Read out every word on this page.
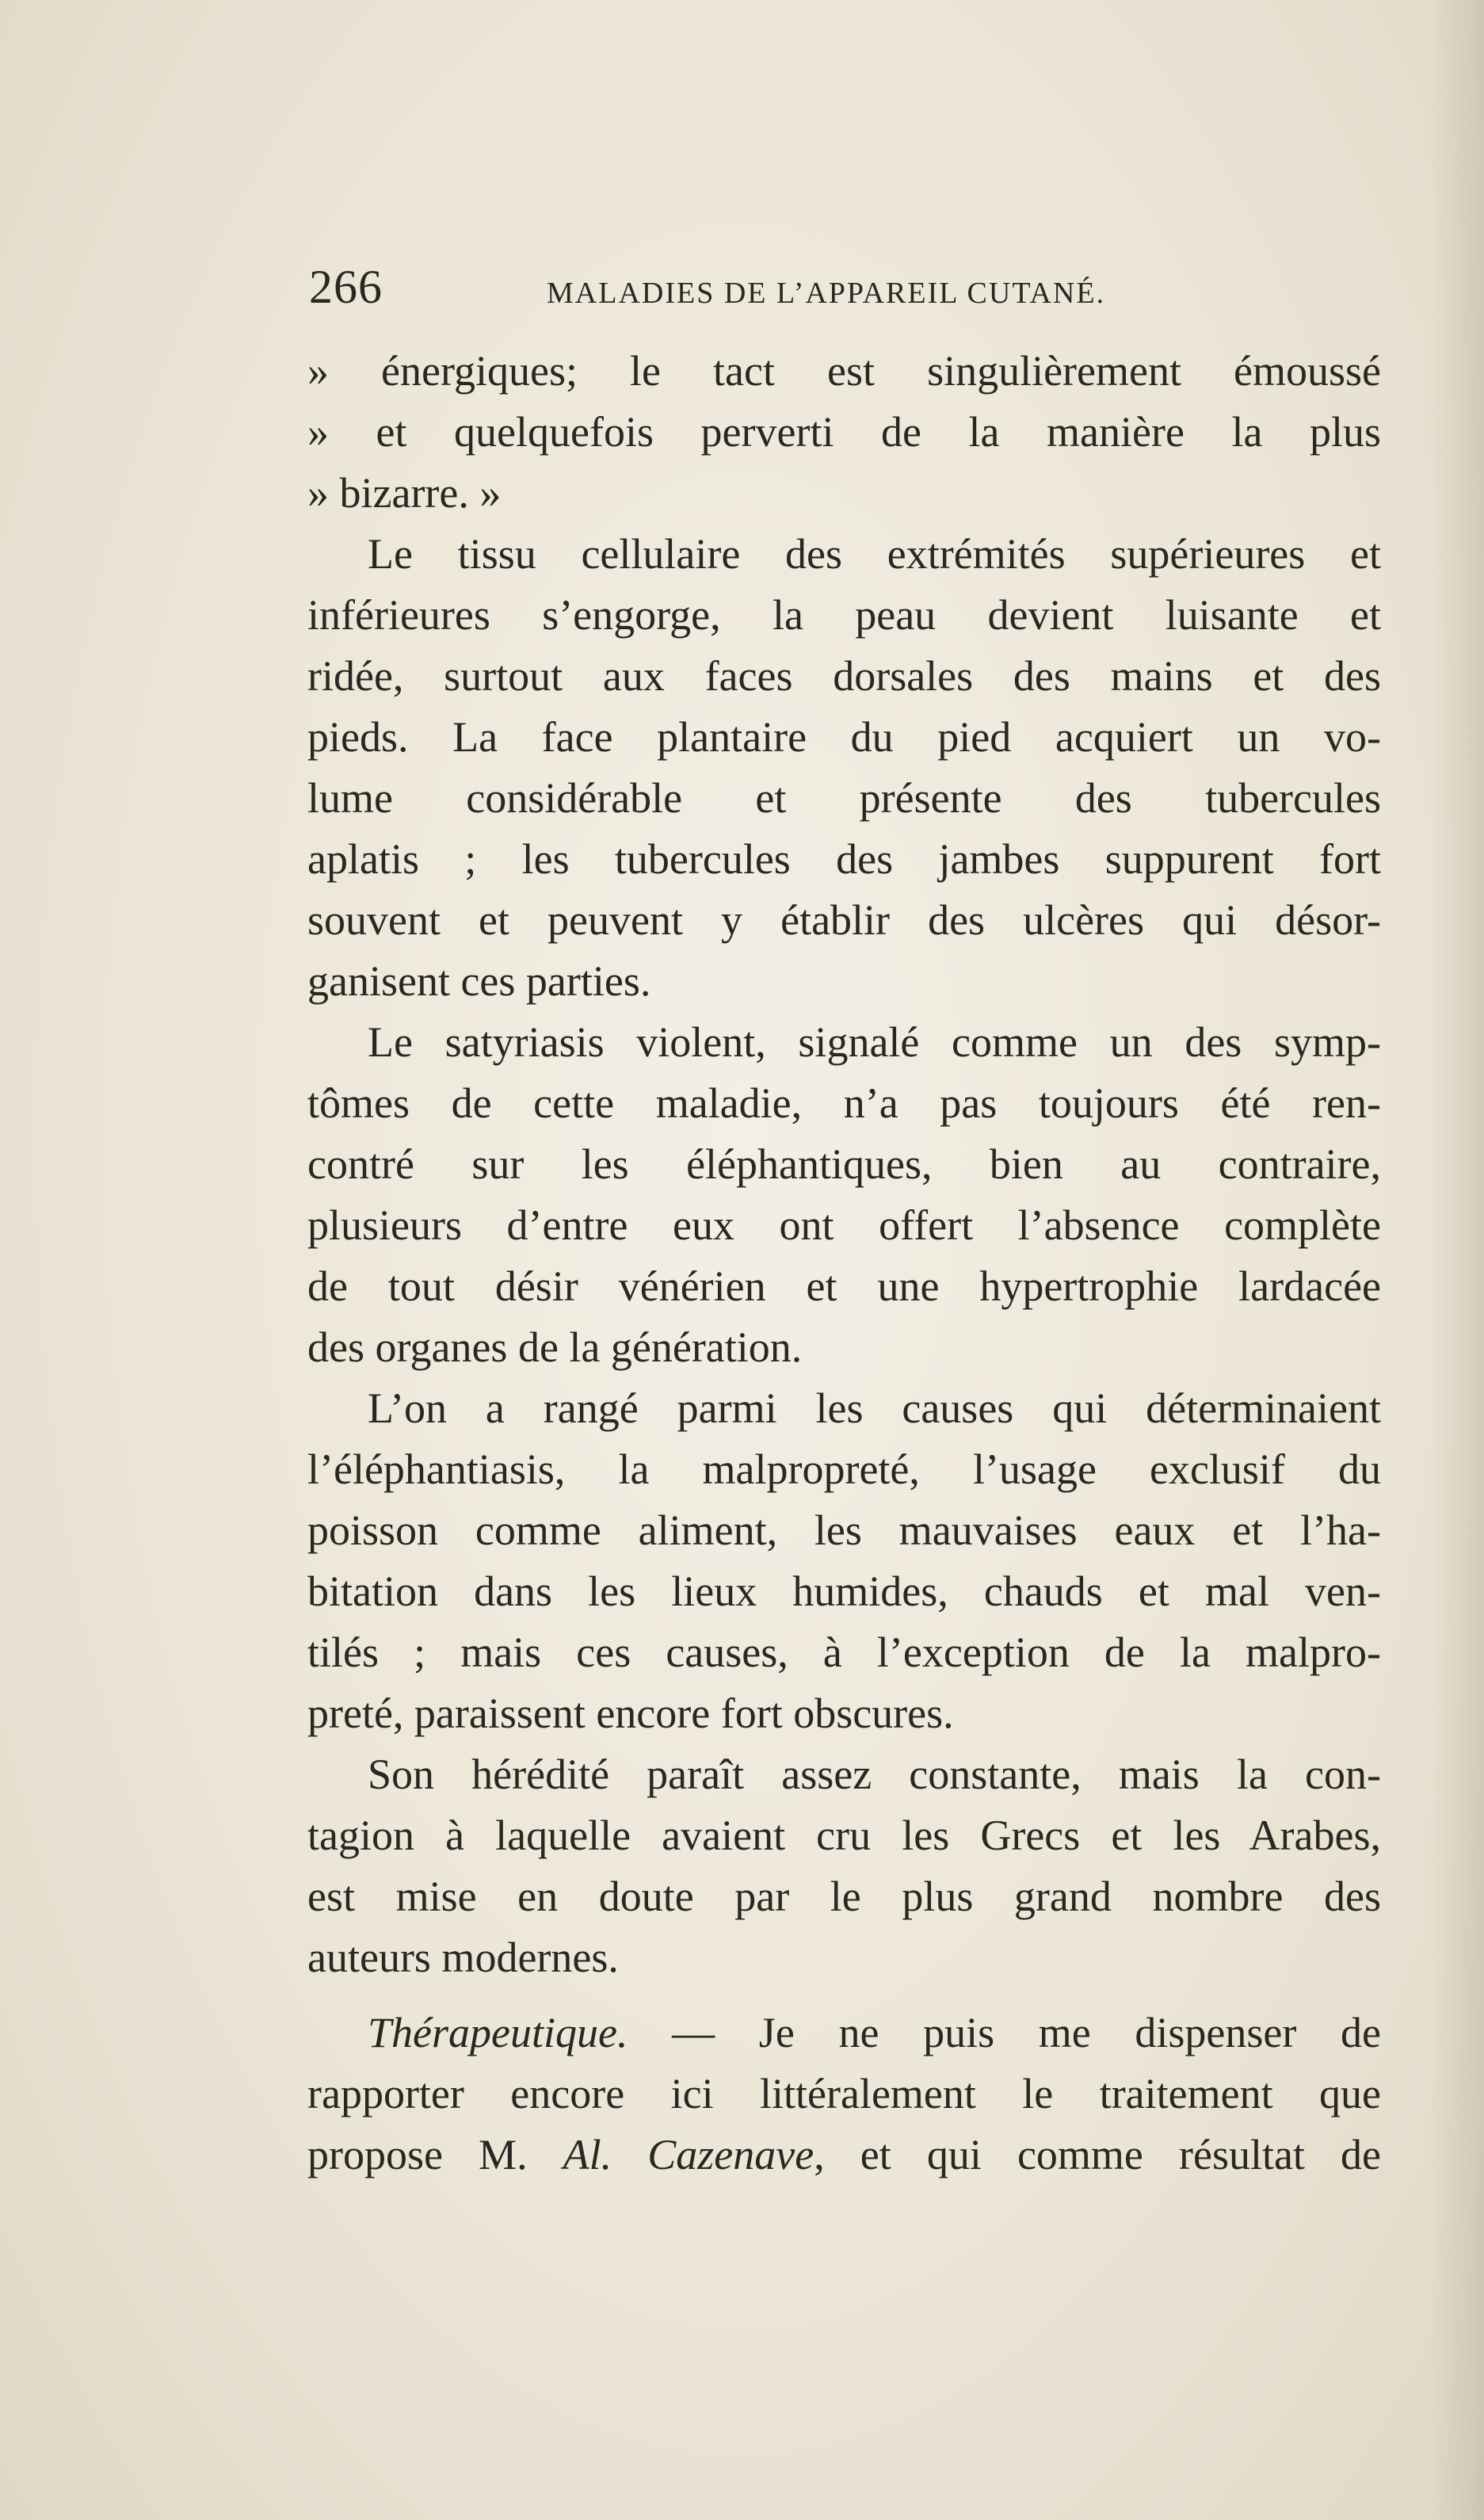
266	MALADIES DE L’APPAREIL CUTANÉ.
» énergiques; le tact est singulièrement émoussé
» et quelquefois perverti de la manière la plus
» bizarre. »
Le tissu cellulaire des extrémités supérieures et
inférieures s’engorge, la peau devient luisante et
ridée, surtout aux faces dorsales des mains et des
pieds. La face plantaire du pied acquiert un vo-
lume considérable et présente des tubercules
aplatis ; les tubercules des jambes suppurent fort
souvent et peuvent y établir des ulcères qui désor-
ganisent ces parties.
Le satyriasis violent, signalé comme un des symp-
tômes de cette maladie, n’a pas toujours été ren-
contré sur les éléphantiques, bien au contraire,
plusieurs d’entre eux ont offert l’absence complète
de tout désir vénérien et une hypertrophie lardacée
des organes de la génération.
L’on a rangé parmi les causes qui déterminaient
l’éléphantiasis, la malpropreté, l’usage exclusif du
poisson comme aliment, les mauvaises eaux et l’ha-
bitation dans les lieux humides, chauds et mal ven-
tilés ; mais ces causes, à l’exception de la malpro-
preté, paraissent encore fort obscures.
Son hérédité paraît assez constante, mais la con-
tagion à laquelle avaient cru les Grecs et les Arabes,
est mise en doute par le plus grand nombre des
auteurs modernes.
Thérapeutique. — Je ne puis me dispenser de
rapporter encore ici littéralement le traitement que
propose M. Al. Cazenave, et qui comme résultat de
